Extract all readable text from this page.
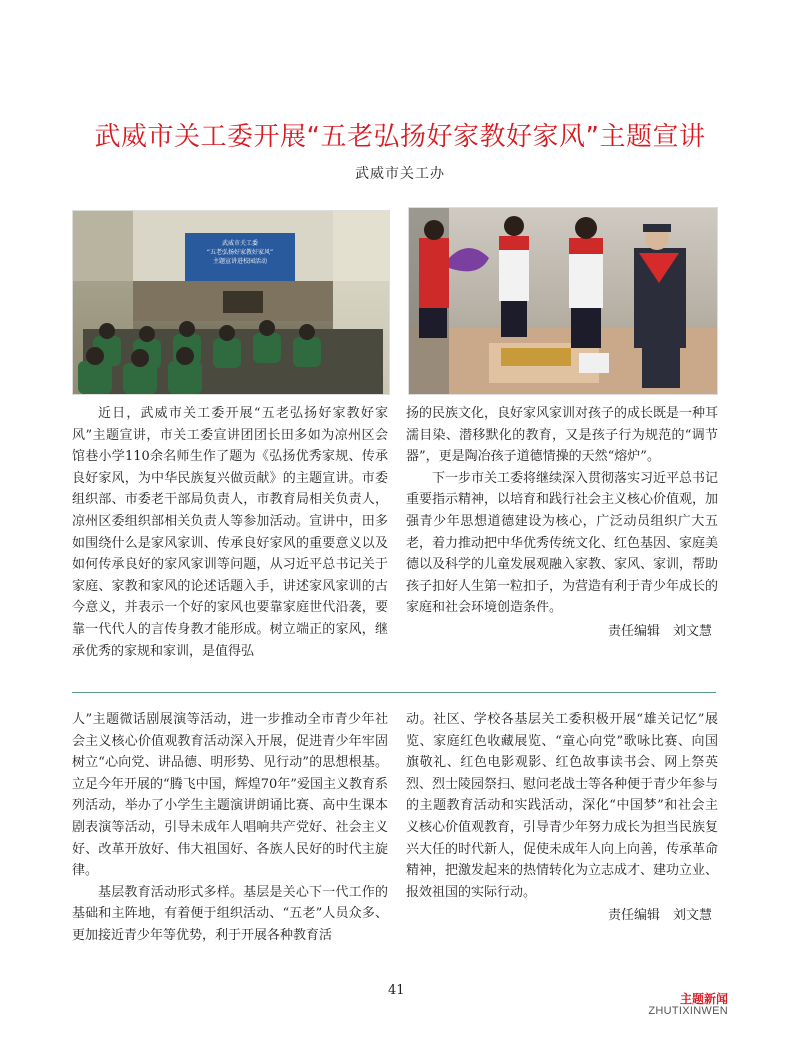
武威市关工委开展“五老弘扬好家教好家风”主题宣讲
武威市关工办
武威市关工委
“五老弘扬好家教好家风”
主题宣讲进校园活动

近日，武威市关工委开展“五老弘扬好家教好家风”主题宣讲，市关工委宣讲团团长田多如为凉州区会馆巷小学110余名师生作了题为《弘扬优秀家规、传承良好家风，为中华民族复兴做贡献》的主题宣讲。市委组织部、市委老干部局负责人，市教育局相关负责人，凉州区委组织部相关负责人等参加活动。宣讲中，田多如围绕什么是家风家训、传承良好家风的重要意义以及如何传承良好的家风家训等问题，从习近平总书记关于家庭、家教和家风的论述话题入手，讲述家风家训的古今意义，并表示一个好的家风也要靠家庭世代沿袭，要靠一代代人的言传身教才能形成。树立端正的家风，继承优秀的家规和家训，是值得弘

扬的民族文化，良好家风家训对孩子的成长既是一种耳濡目染、潜移默化的教育，又是孩子行为规范的“调节器”，更是陶冶孩子道德情操的天然“熔炉”。

下一步市关工委将继续深入贯彻落实习近平总书记重要指示精神，以培育和践行社会主义核心价值观，加强青少年思想道德建设为核心，广泛动员组织广大五老，着力推动把中华优秀传统文化、红色基因、家庭美德以及科学的儿童发展观融入家教、家风、家训，帮助孩子扣好人生第一粒扣子，为营造有利于青少年成长的家庭和社会环境创造条件。

责任编辑　刘文慧

人”主题微话剧展演等活动，进一步推动全市青少年社会主义核心价值观教育活动深入开展，促进青少年牢固树立“心向党、讲品德、明形势、见行动”的思想根基。立足今年开展的“腾飞中国，辉煌70年”爱国主义教育系列活动，举办了小学生主题演讲朗诵比赛、高中生课本剧表演等活动，引导未成年人唱响共产党好、社会主义好、改革开放好、伟大祖国好、各族人民好的时代主旋律。

基层教育活动形式多样。基层是关心下一代工作的基础和主阵地，有着便于组织活动、“五老”人员众多、更加接近青少年等优势，利于开展各种教育活

动。社区、学校各基层关工委积极开展“雄关记忆”展览、家庭红色收藏展览、“童心向党”歌咏比赛、向国旗敬礼、红色电影观影、红色故事读书会、网上祭英烈、烈士陵园祭扫、慰问老战士等各种便于青少年参与的主题教育活动和实践活动，深化“中国梦”和社会主义核心价值观教育，引导青少年努力成长为担当民族复兴大任的时代新人，促使未成年人向上向善，传承革命精神，把激发起来的热情转化为立志成才、建功立业、报效祖国的实际行动。

责任编辑　刘文慧
41
主题新闻
ZHUTIXINWEN
